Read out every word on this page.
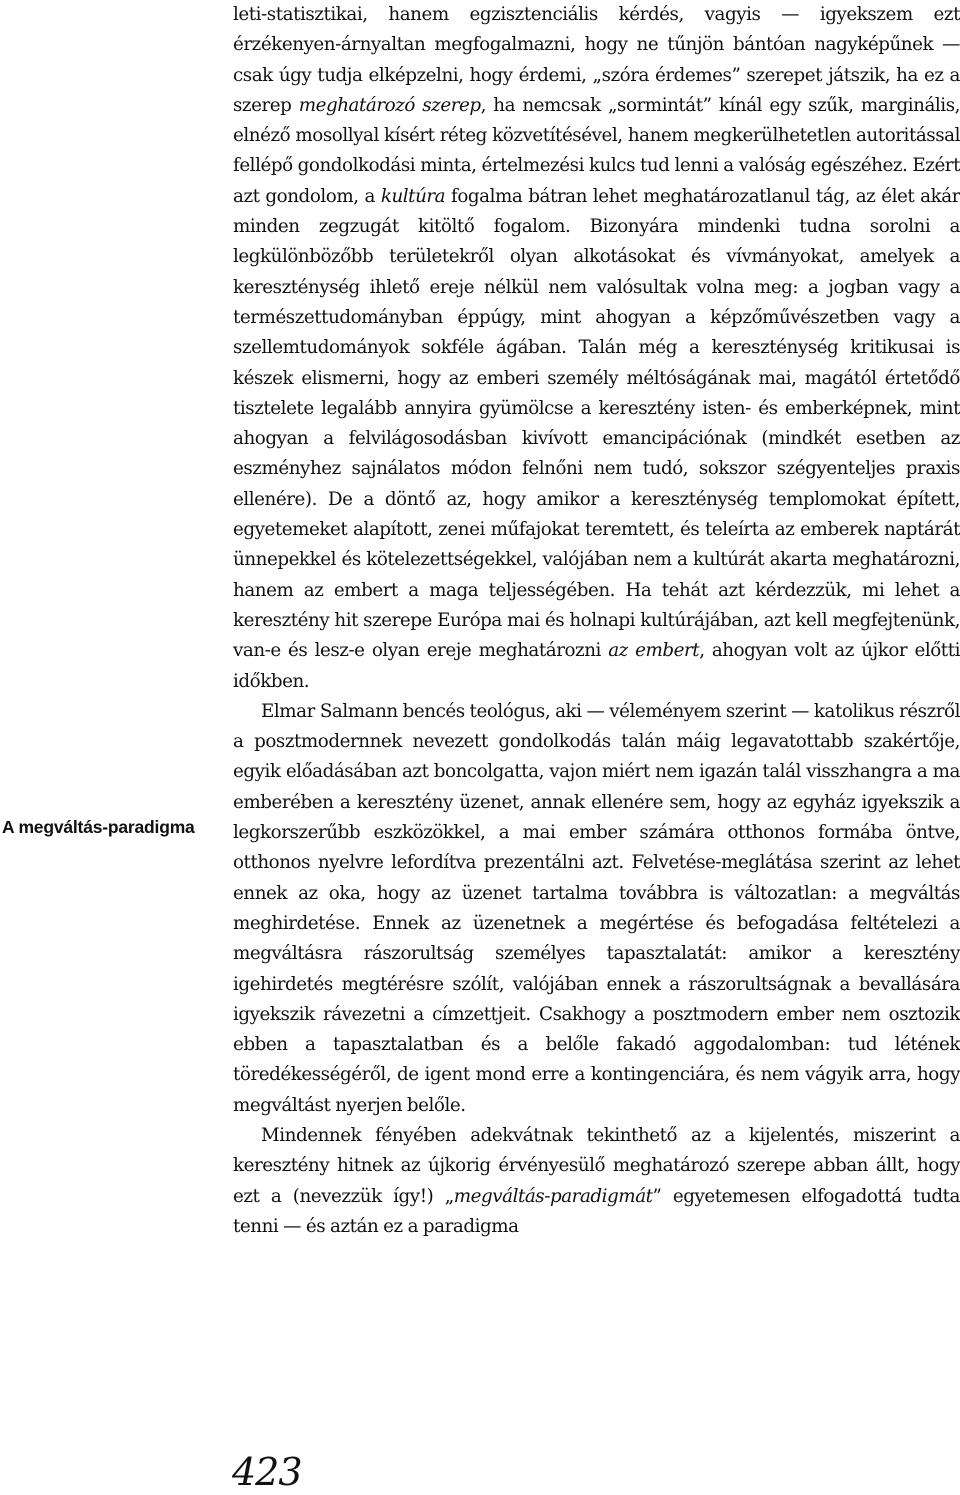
A megváltás-paradigma

leti-statisztikai, hanem egzisztenciális kérdés, vagyis — igyekszem ezt érzékenyen-árnyaltan megfogalmazni, hogy ne tűnjön bántóan nagyképűnek — csak úgy tudja elképzelni, hogy érdemi, „szóra érdemes” szerepet játszik, ha ez a szerep meghatározó szerep, ha nemcsak „sormintát” kínál egy szűk, marginális, elnéző mosollyal kísért réteg közvetítésével, hanem megkerülhetetlen autoritással fellépő gondolkodási minta, értelmezési kulcs tud lenni a valóság egészéhez. Ezért azt gondolom, a kultúra fogalma bátran lehet meghatározatlanul tág, az élet akár minden zegzugát kitöltő fogalom. Bizonyára mindenki tudna sorolni a legkülönbözőbb területekről olyan alkotásokat és vívmányokat, amelyek a kereszténység ihlető ereje nélkül nem valósultak volna meg: a jogban vagy a természettudományban éppúgy, mint ahogyan a képzőművészetben vagy a szellemtudományok sokféle ágában. Talán még a kereszténység kritikusai is készek elismerni, hogy az emberi személy méltóságának mai, magától értetődő tisztelete legalább annyira gyümölcse a keresztény isten- és emberképnek, mint ahogyan a felvilágosodásban kivívott emancipációnak (mindkét esetben az eszményhez sajnálatos módon felnőni nem tudó, sokszor szégyenteljes praxis ellenére). De a döntő az, hogy amikor a kereszténység templomokat épített, egyetemeket alapított, zenei műfajokat teremtett, és teleírta az emberek naptárát ünnepekkel és kötelezettségekkel, valójában nem a kultúrát akarta meghatározni, hanem az embert a maga teljességében. Ha tehát azt kérdezzük, mi lehet a keresztény hit szerepe Európa mai és holnapi kultúrájában, azt kell megfejtenünk, van-e és lesz-e olyan ereje meghatározni az embert, ahogyan volt az újkor előtti időkben.

Elmar Salmann bencés teológus, aki — véleményem szerint — katolikus részről a posztmodernnek nevezett gondolkodás talán máig legavatottabb szakértője, egyik előadásában azt boncolgatta, vajon miért nem igazán talál visszhangra a ma emberében a keresztény üzenet, annak ellenére sem, hogy az egyház igyekszik a legkorszerűbb eszközökkel, a mai ember számára otthonos formába öntve, otthonos nyelvre lefordítva prezentálni azt. Felvetése-meglátása szerint az lehet ennek az oka, hogy az üzenet tartalma továbbra is változatlan: a megváltás meghirdetése. Ennek az üzenetnek a megértése és befogadása feltételezi a megváltásra rászorultság személyes tapasztalatát: amikor a keresztény igehirdetés megtérésre szólít, valójában ennek a rászorultságnak a bevallására igyekszik rávezetni a címzettjeit. Csakhogy a posztmodern ember nem osztozik ebben a tapasztalatban és a belőle fakadó aggodalomban: tud létének töredékességéről, de igent mond erre a kontingenciára, és nem vágyik arra, hogy megváltást nyerjen belőle.

Mindennek fényében adekvátnak tekinthető az a kijelentés, miszerint a keresztény hitnek az újkorig érvényesülő meghatározó szerepe abban állt, hogy ezt a (nevezzük így!) „megváltás-paradigmát” egyetemesen elfogadottá tudta tenni — és aztán ez a paradigma

423
